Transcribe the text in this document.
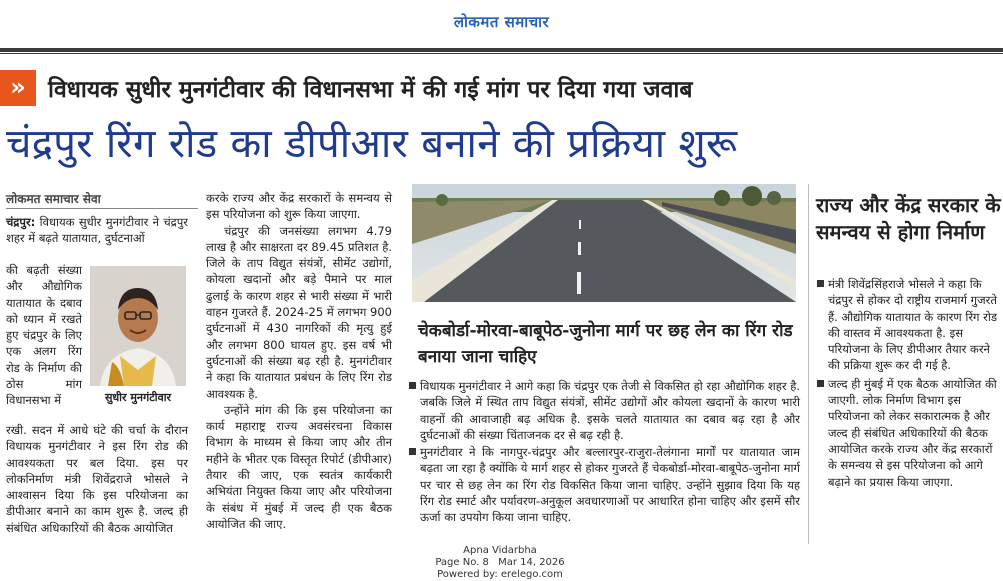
लोकमत समाचार
» विधायक सुधीर मुनगंटीवार की विधानसभा में की गई मांग पर दिया गया जवाब
चंद्रपुर रिंग रोड का डीपीआर बनाने की प्रक्रिया शुरू
लोकमत समाचार सेवा

चंद्रपुर: विधायक सुधीर मुनगंटीवार ने चंद्रपुर शहर में बढ़ते यातायात, दुर्घटनाओं

की बढ़ती संख्या और औद्योगिक यातायात के दबाव को ध्यान में रखते हुए चंद्रपुर के लिए एक अलग रिंग रोड के निर्माण की ठोस मांग विधानसभा में	सुधीर मुनगंटीवार

रखी. सदन में आधे घंटे की चर्चा के दौरान विधायक मुनगंटीवार ने इस रिंग रोड की आवश्यकता पर बल दिया. इस पर लोकनिर्माण मंत्री शिवेंद्रराजे भोसले ने आश्वासन दिया कि इस परियोजना का डीपीआर बनाने का काम शुरू है. जल्द ही संबंधित अधिकारियों की बैठक आयोजित

करके राज्य और केंद्र सरकारों के समन्वय से इस परियोजना को शुरू किया जाएगा.

चंद्रपुर की जनसंख्या लगभग 4.79 लाख है और साक्षरता दर 89.45 प्रतिशत है. जिले के ताप विद्युत संयंत्रों, सीमेंट उद्योगों, कोयला खदानों और बड़े पैमाने पर माल ढुलाई के कारण शहर से भारी संख्या में भारी वाहन गुजरते हैं. 2024-25 में लगभग 900 दुर्घटनाओं में 430 नागरिकों की मृत्यु हुई और लगभग 800 घायल हुए. इस वर्ष भी दुर्घटनाओं की संख्या बढ़ रही है. मुनगंटीवार ने कहा कि यातायात प्रबंधन के लिए रिंग रोड आवश्यक है.

उन्होंने मांग की कि इस परियोजना का कार्य महाराष्ट्र राज्य अवसंरचना विकास विभाग के माध्यम से किया जाए और तीन महीने के भीतर एक विस्तृत रिपोर्ट (डीपीआर) तैयार की जाए, एक स्वतंत्र कार्यकारी अभियंता नियुक्त किया जाए और परियोजना के संबंध में मुंबई में जल्द ही एक बैठक आयोजित की जाए.

चेकबोर्डा-मोरवा-बाबूपेठ-जुनोना मार्ग पर छह लेन का रिंग रोड बनाया जाना चाहिए
विधायक मुनगंटीवार ने आगे कहा कि चंद्रपुर एक तेजी से विकसित हो रहा औद्योगिक शहर है. जबकि जिले में स्थित ताप विद्युत संयंत्रों, सीमेंट उद्योगों और कोयला खदानों के कारण भारी वाहनों की आवाजाही बढ़ अधिक है. इसके चलते यातायात का दबाव बढ़ रहा है और दुर्घटनाओं की संख्या चिंताजनक दर से बढ़ रही है.
मुनगंटीवार ने कि नागपुर-चंद्रपुर और बल्लारपुर-राजुरा-तेलंगाना मार्गों पर यातायात जाम बढ़ता जा रहा है क्योंकि ये मार्ग शहर से होकर गुजरते हैं चेकबोर्डा-मोरवा-बाबूपेठ-जुनोना मार्ग पर चार से छह लेन का रिंग रोड विकसित किया जाना चाहिए. उन्होंने सुझाव दिया कि यह रिंग रोड स्मार्ट और पर्यावरण-अनुकूल अवधारणाओं पर आधारित होना चाहिए और इसमें सौर ऊर्जा का उपयोग किया जाना चाहिए.
राज्य और केंद्र सरकार के समन्वय से होगा निर्माण
मंत्री शिवेंद्रसिंहराजे भोसले ने कहा कि चंद्रपुर से होकर दो राष्ट्रीय राजमार्ग गुजरते हैं. औद्योगिक यातायात के कारण रिंग रोड की वास्तव में आवश्यकता है. इस परियोजना के लिए डीपीआर तैयार करने की प्रक्रिया शुरू कर दी गई है.
जल्द ही मुंबई में एक बैठक आयोजित की जाएगी. लोक निर्माण विभाग इस परियोजना को लेकर सकारात्मक है और जल्द ही संबंधित अधिकारियों की बैठक आयोजित करके राज्य और केंद्र सरकारों के समन्वय से इस परियोजना को आगे बढ़ाने का प्रयास किया जाएगा.
Apna Vidarbha
Page No. 8 Mar 14, 2026
Powered by: erelego.com
